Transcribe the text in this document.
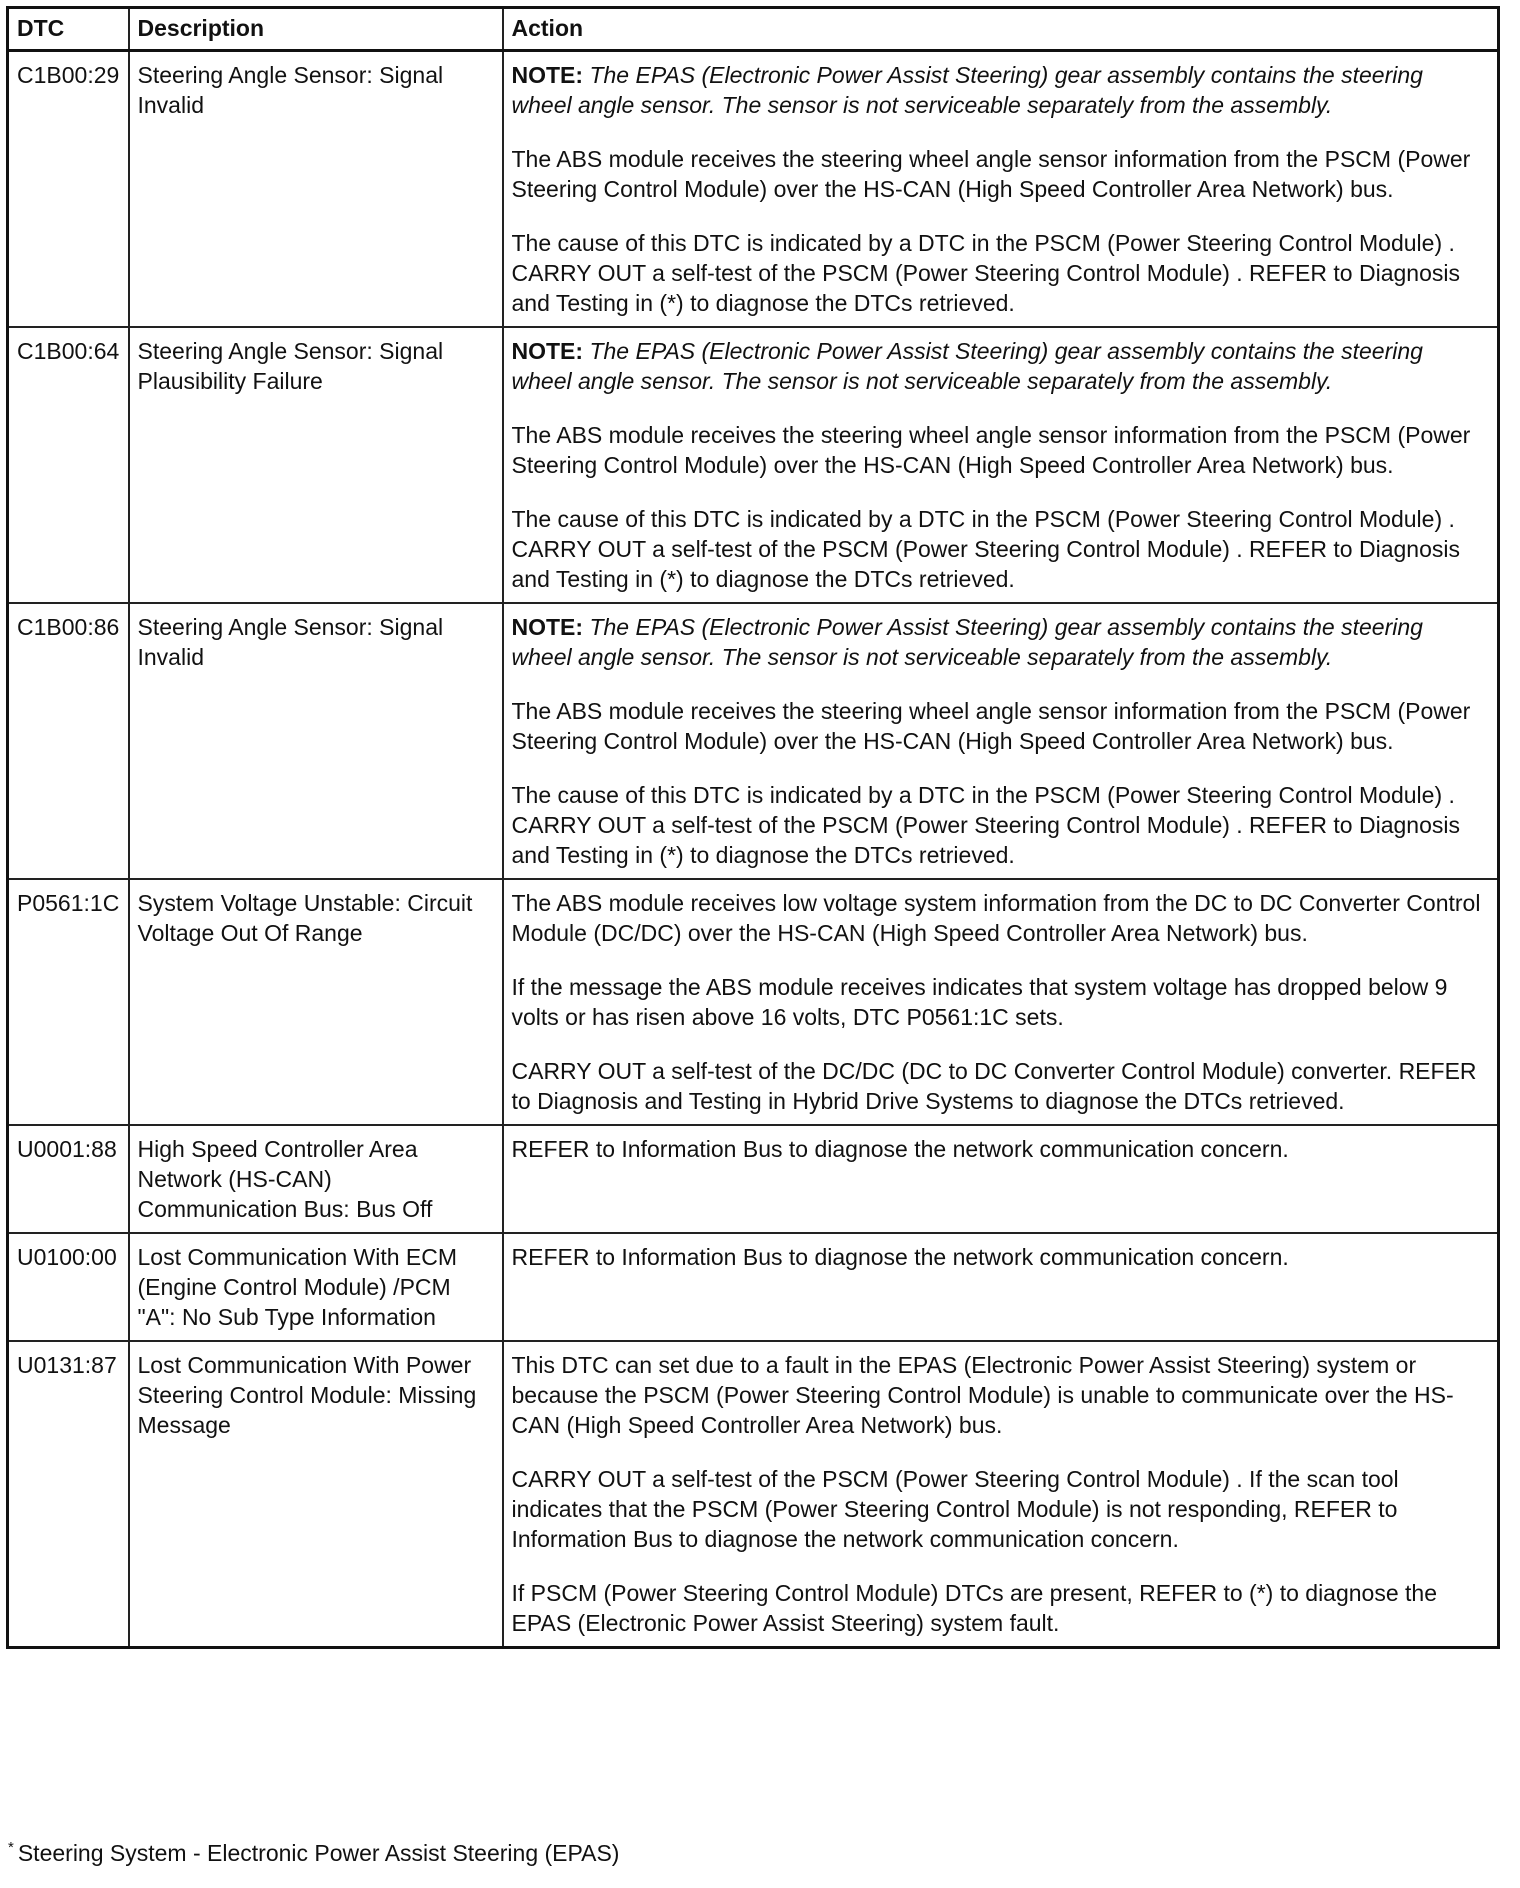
DTC	Description	Action
C1B00:29	Steering Angle Sensor: Signal Invalid	NOTE: The EPAS (Electronic Power Assist Steering) gear assembly contains the steering wheel angle sensor. The sensor is not serviceable separately from the assembly.
The ABS module receives the steering wheel angle sensor information from the PSCM (Power Steering Control Module) over the HS-CAN (High Speed Controller Area Network) bus.
The cause of this DTC is indicated by a DTC in the PSCM (Power Steering Control Module) . CARRY OUT a self-test of the PSCM (Power Steering Control Module) . REFER to Diagnosis and Testing in (*) to diagnose the DTCs retrieved.

C1B00:64	Steering Angle Sensor: Signal Plausibility Failure	NOTE: The EPAS (Electronic Power Assist Steering) gear assembly contains the steering wheel angle sensor. The sensor is not serviceable separately from the assembly.
The ABS module receives the steering wheel angle sensor information from the PSCM (Power Steering Control Module) over the HS-CAN (High Speed Controller Area Network) bus.
The cause of this DTC is indicated by a DTC in the PSCM (Power Steering Control Module) . CARRY OUT a self-test of the PSCM (Power Steering Control Module) . REFER to Diagnosis and Testing in (*) to diagnose the DTCs retrieved.

C1B00:86	Steering Angle Sensor: Signal Invalid	NOTE: The EPAS (Electronic Power Assist Steering) gear assembly contains the steering wheel angle sensor. The sensor is not serviceable separately from the assembly.
The ABS module receives the steering wheel angle sensor information from the PSCM (Power Steering Control Module) over the HS-CAN (High Speed Controller Area Network) bus.
The cause of this DTC is indicated by a DTC in the PSCM (Power Steering Control Module) . CARRY OUT a self-test of the PSCM (Power Steering Control Module) . REFER to Diagnosis and Testing in (*) to diagnose the DTCs retrieved.

P0561:1C	System Voltage Unstable: Circuit Voltage Out Of Range	The ABS module receives low voltage system information from the DC to DC Converter Control Module (DC/DC) over the HS-CAN (High Speed Controller Area Network) bus.
If the message the ABS module receives indicates that system voltage has dropped below 9 volts or has risen above 16 volts, DTC P0561:1C sets.
CARRY OUT a self-test of the DC/DC (DC to DC Converter Control Module) converter. REFER to Diagnosis and Testing in Hybrid Drive Systems to diagnose the DTCs retrieved.

U0001:88	High Speed Controller Area Network (HS-CAN) Communication Bus: Bus Off	REFER to Information Bus to diagnose the network communication concern.

U0100:00	Lost Communication With ECM (Engine Control Module) /PCM "A": No Sub Type Information	REFER to Information Bus to diagnose the network communication concern.

U0131:87	Lost Communication With Power Steering Control Module: Missing Message	This DTC can set due to a fault in the EPAS (Electronic Power Assist Steering) system or because the PSCM (Power Steering Control Module) is unable to communicate over the HS-CAN (High Speed Controller Area Network) bus.
CARRY OUT a self-test of the PSCM (Power Steering Control Module) . If the scan tool indicates that the PSCM (Power Steering Control Module) is not responding, REFER to Information Bus to diagnose the network communication concern.
If PSCM (Power Steering Control Module) DTCs are present, REFER to (*) to diagnose the EPAS (Electronic Power Assist Steering) system fault.
* Steering System - Electronic Power Assist Steering (EPAS)
